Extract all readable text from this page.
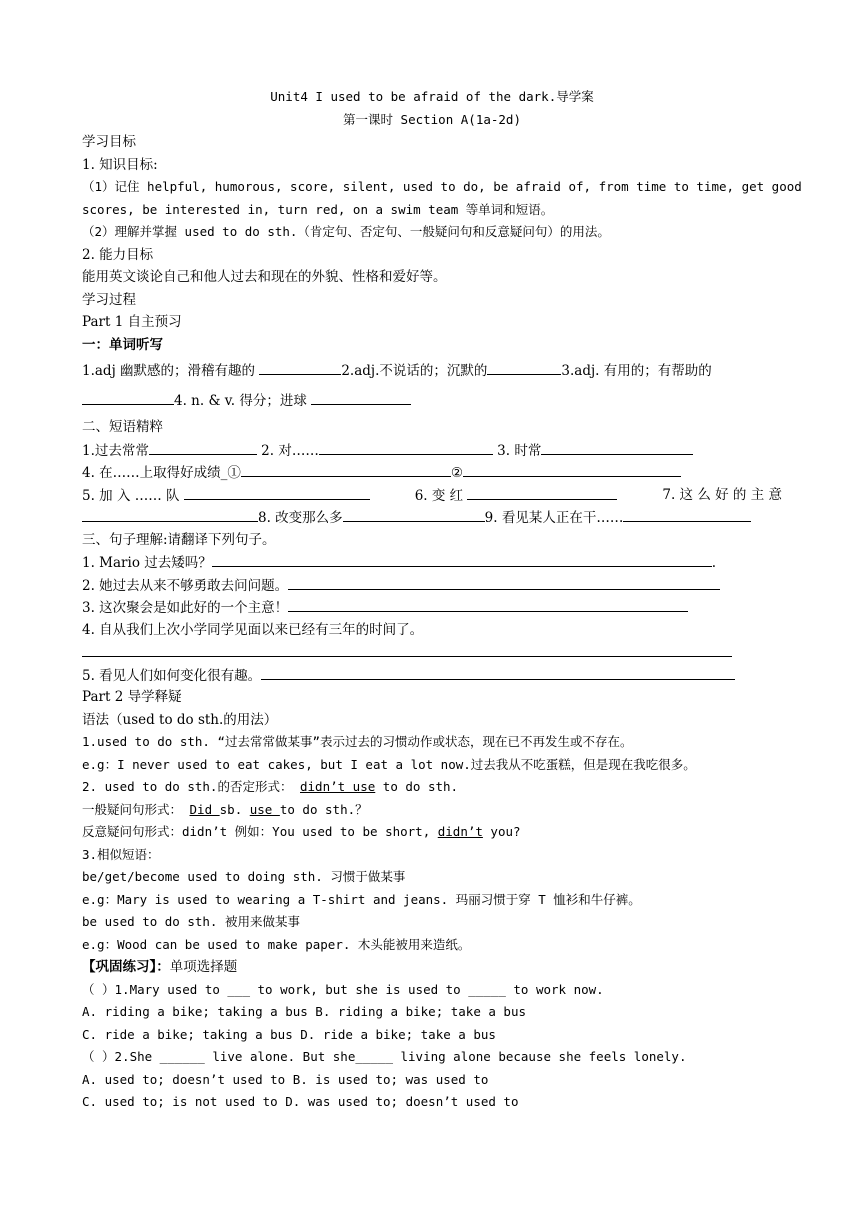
Unit4 I used to be afraid of the dark.导学案
第一课时 Section A(1a-2d)
学习目标
1. 知识目标:
（1）记住 helpful, humorous, score, silent, used to do, be afraid of, from time to time, get good
scores, be interested in, turn red, on a swim team 等单词和短语。
（2）理解并掌握 used to do sth.（肯定句、否定句、一般疑问句和反意疑问句）的用法。
2. 能力目标
能用英文谈论自己和他人过去和现在的外貌、性格和爱好等。
学习过程
Part 1 自主预习
一：单词听写
1.adj 幽默感的；滑稽有趣的	2.adj.不说话的；沉默的	3.adj. 有用的；有帮助的
4. n. & v. 得分；进球
二、短语精粹
1.过去常常	2. 对……	3. 时常
4. 在……上取得好成绩_①	②
5. 加 入 …… 队	6. 变 红	7. 这 么 好 的 主 意
8. 改变那么多	9. 看见某人正在干……
三、句子理解:请翻译下列句子。
1. Mario 过去矮吗？	.
2. 她过去从来不够勇敢去问问题。
3. 这次聚会是如此好的一个主意！
4. 自从我们上次小学同学见面以来已经有三年的时间了。
5. 看见人们如何变化很有趣。
Part 2 导学释疑
语法（used to do sth.的用法）
1.used to do sth. “过去常常做某事”表示过去的习惯动作或状态，现在已不再发生或不存在。
e.g：I never used to eat cakes, but I eat a lot now.过去我从不吃蛋糕，但是现在我吃很多。
2. used to do sth.的否定形式： didn’t use to do sth.
一般疑问句形式： Did sb. use to do sth.？
反意疑问句形式：didn’t 例如：You used to be short, didn’t you?
3.相似短语：
be/get/become used to doing sth. 习惯于做某事
e.g：Mary is used to wearing a T-shirt and jeans. 玛丽习惯于穿 T 恤衫和牛仔裤。
be used to do sth. 被用来做某事
e.g：Wood can be used to make paper. 木头能被用来造纸。
【巩固练习】：单项选择题
（ ）1.Mary used to ___ to work, but she is used to _____ to work now.
A. riding a bike; taking a bus B. riding a bike; take a bus
C. ride a bike; taking a bus D. ride a bike; take a bus
（ ）2.She ______ live alone. But she_____ living alone because she feels lonely.
A. used to; doesn’t used to B. is used to; was used to
C. used to; is not used to D. was used to; doesn’t used to
